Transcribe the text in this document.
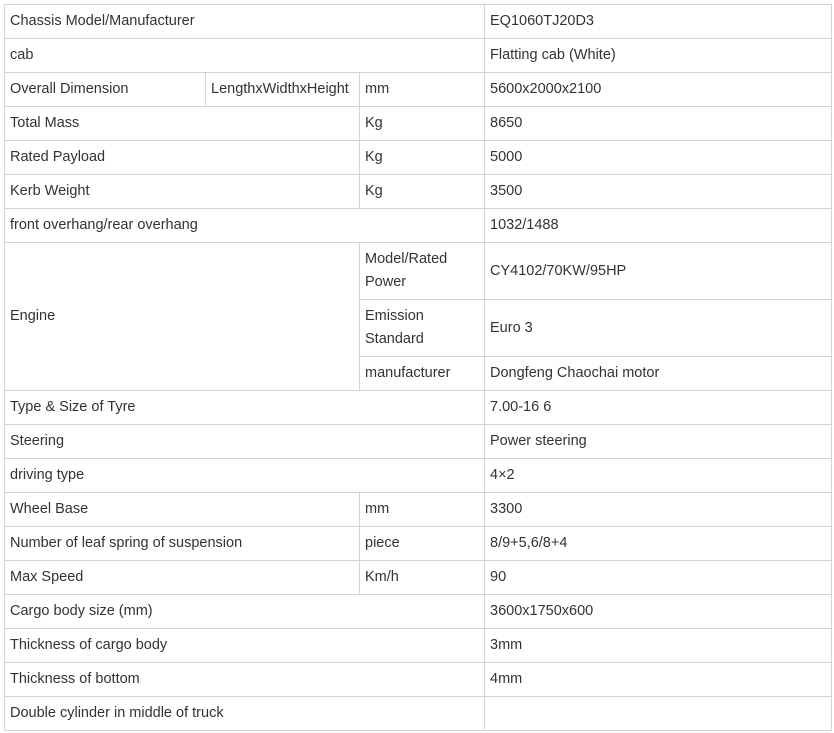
Chassis Model/Manufacturer			EQ1060TJ20D3
cab			Flatting cab (White)
Overall Dimension	LengthxWidthxHeight	mm	5600x2000x2100
Total Mass		Kg	8650
Rated Payload		Kg	5000
Kerb Weight		Kg	3500
front overhang/rear overhang			1032/1488
Engine		Model/Rated Power	CY4102/70KW/95HP
		Emission Standard	Euro 3
		manufacturer	Dongfeng Chaochai motor
Type & Size of Tyre			7.00-16 6
Steering			Power steering
driving type			4×2
Wheel Base		mm	3300
Number of leaf spring of suspension		piece	8/9+5,6/8+4
Max Speed		Km/h	90
Cargo body size (mm)			3600x1750x600
Thickness of cargo body			3mm
Thickness of bottom			4mm
Double cylinder in middle of truck			
